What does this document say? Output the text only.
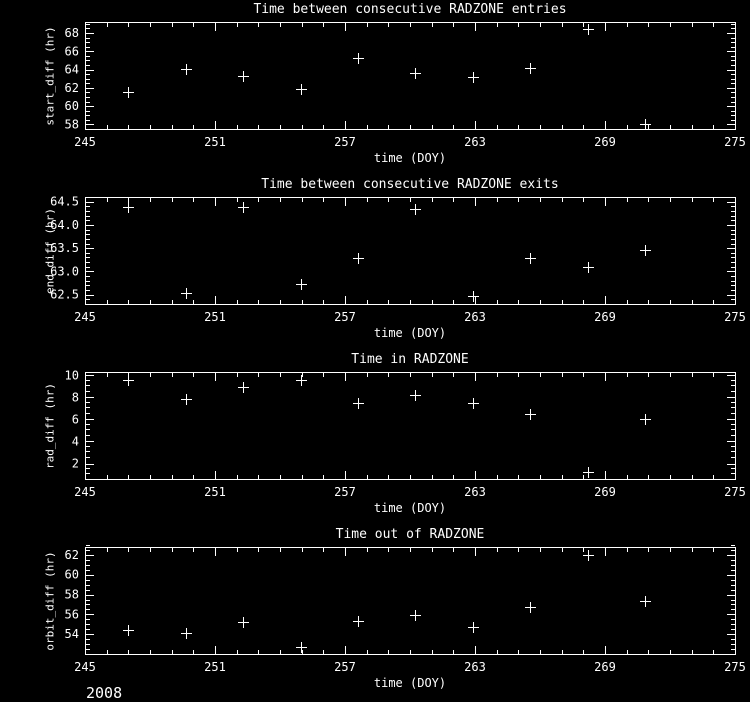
Time between consecutive RADZONE entries
start_diff (hr)
245	251	257	263	269	275
58
60
62
64
66
68
time (DOY)
Time between consecutive RADZONE exits
end_diff (hr)
245	251	257	263	269	275
62.5
63.0
63.5
64.0
64.5
time (DOY)
Time in RADZONE
rad_diff (hr)
245	251	257	263	269	275
2
4
6
8
10
time (DOY)
Time out of RADZONE
orbit_diff (hr)
245	251	257	263	269	275
54
56
58
60
62
time (DOY)
2008
